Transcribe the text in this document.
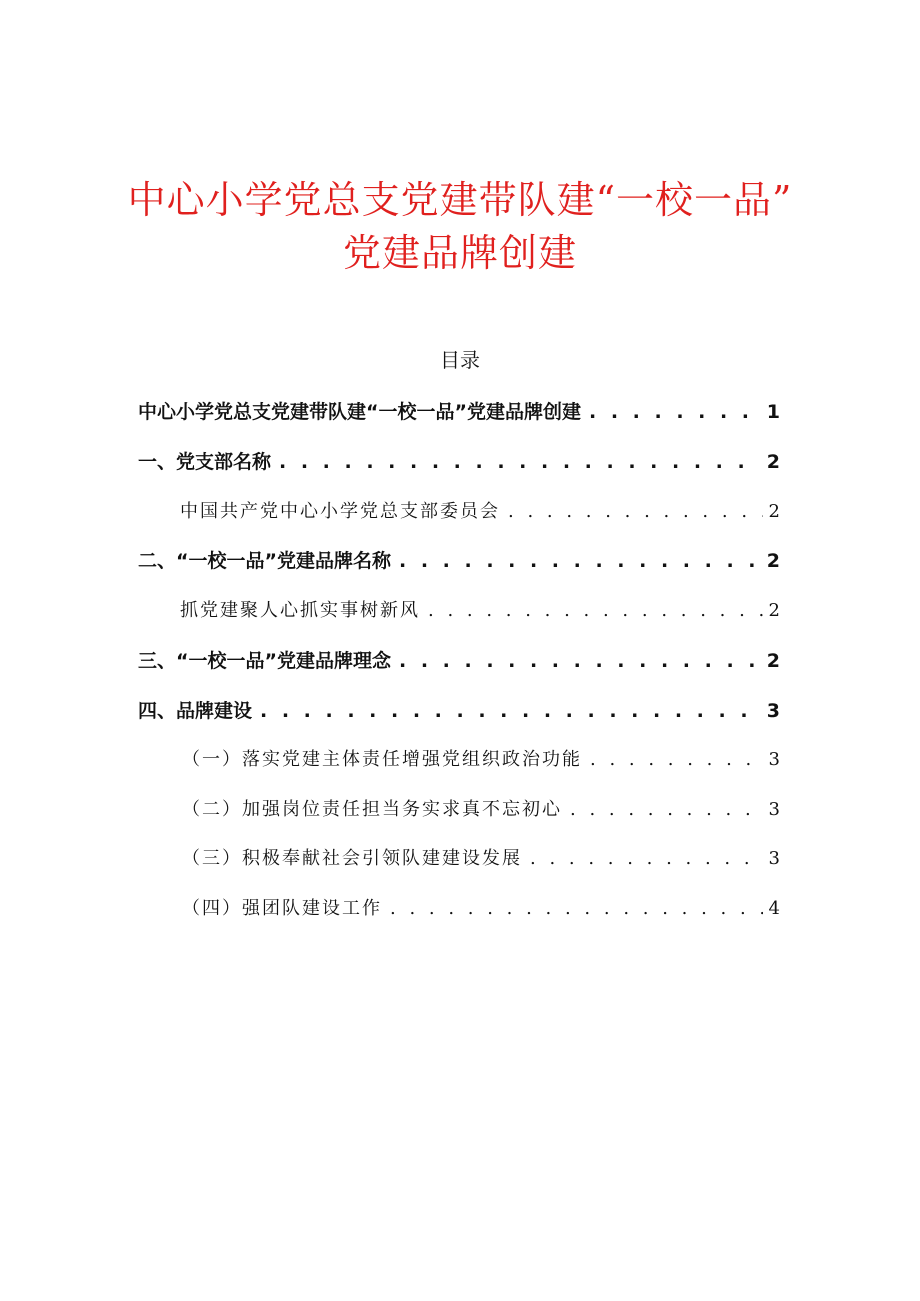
中心小学党总支党建带队建“一校一品”
党建品牌创建
目录
中心小学党总支党建带队建“一校一品”党建品牌创建 . . .	1
一、党支部名称 . . .	2
中国共产党中心小学党总支部委员会 . . .	2
二、“一校一品”党建品牌名称 . . .	2
抓党建聚人心抓实事树新风 . . .	2
三、“一校一品”党建品牌理念 . . .	2
四、品牌建设 . . .	3
（一）落实党建主体责任增强党组织政治功能 . . .	3
（二）加强岗位责任担当务实求真不忘初心 . . .	3
（三）积极奉献社会引领队建建设发展 . . .	3
（四）强团队建设工作 . . .	4
